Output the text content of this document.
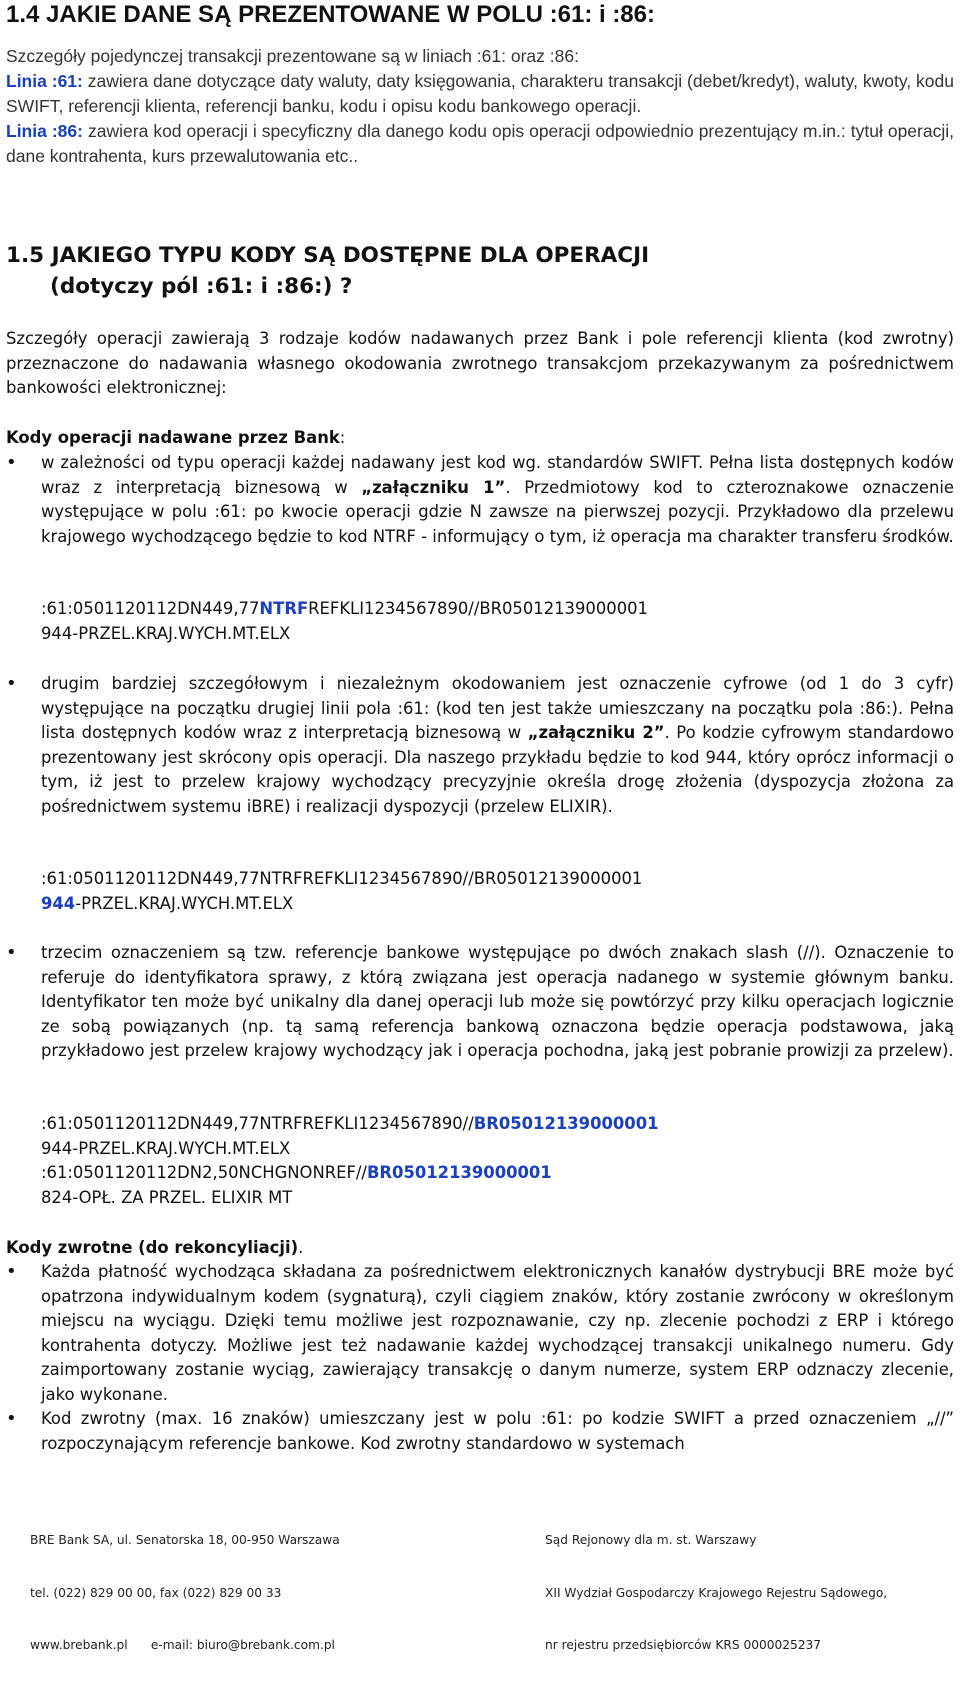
1.4 JAKIE DANE SĄ PREZENTOWANE W POLU :61: i :86:
Szczegóły pojedynczej transakcji prezentowane są w liniach :61: oraz :86:
Linia :61: zawiera dane dotyczące daty waluty, daty księgowania, charakteru transakcji (debet/kredyt), waluty, kwoty, kodu SWIFT, referencji klienta, referencji banku, kodu i opisu kodu bankowego operacji.
Linia :86: zawiera kod operacji i specyficzny dla danego kodu opis operacji odpowiednio prezentujący m.in.: tytuł operacji, dane kontrahenta, kurs przewalutowania etc..
1.5 JAKIEGO TYPU KODY SĄ DOSTĘPNE DLA OPERACJI
(dotyczy pól :61: i :86:) ?
Szczegóły operacji zawierają 3 rodzaje kodów nadawanych przez Bank i pole referencji klienta (kod zwrotny) przeznaczone do nadawania własnego okodowania zwrotnego transakcjom przekazywanym za pośrednictwem bankowości elektronicznej:
Kody operacji nadawane przez Bank:
• w zależności od typu operacji każdej nadawany jest kod wg. standardów SWIFT. Pełna lista dostępnych kodów wraz z interpretacją biznesową w „załączniku 1”. Przedmiotowy kod to czteroznakowe oznaczenie występujące w polu :61: po kwocie operacji gdzie N zawsze na pierwszej pozycji. Przykładowo dla przelewu krajowego wychodzącego będzie to kod NTRF - informujący o tym, iż operacja ma charakter transferu środków.
:61:0501120112DN449,77NTRFREFKLI1234567890//BR05012139000001
944-PRZEL.KRAJ.WYCH.MT.ELX
• drugim bardziej szczegółowym i niezależnym okodowaniem jest oznaczenie cyfrowe (od 1 do 3 cyfr) występujące na początku drugiej linii pola :61: (kod ten jest także umieszczany na początku pola :86:). Pełna lista dostępnych kodów wraz z interpretacją biznesową w „załączniku 2”. Po kodzie cyfrowym standardowo prezentowany jest skrócony opis operacji. Dla naszego przykładu będzie to kod 944, który oprócz informacji o tym, iż jest to przelew krajowy wychodzący precyzyjnie określa drogę złożenia (dyspozycja złożona za pośrednictwem systemu iBRE) i realizacji dyspozycji (przelew ELIXIR).
:61:0501120112DN449,77NTRFREFKLI1234567890//BR05012139000001
944-PRZEL.KRAJ.WYCH.MT.ELX
• trzecim oznaczeniem są tzw. referencje bankowe występujące po dwóch znakach slash (//). Oznaczenie to referuje do identyfikatora sprawy, z którą związana jest operacja nadanego w systemie głównym banku. Identyfikator ten może być unikalny dla danej operacji lub może się powtórzyć przy kilku operacjach logicznie ze sobą powiązanych (np. tą samą referencja bankową oznaczona będzie operacja podstawowa, jaką przykładowo jest przelew krajowy wychodzący jak i operacja pochodna, jaką jest pobranie prowizji za przelew).
:61:0501120112DN449,77NTRFREFKLI1234567890//BR05012139000001
944-PRZEL.KRAJ.WYCH.MT.ELX
:61:0501120112DN2,50NCHGNONREF//BR05012139000001
824-OPŁ. ZA PRZEL. ELIXIR MT
Kody zwrotne (do rekoncyliacji).
• Każda płatność wychodząca składana za pośrednictwem elektronicznych kanałów dystrybucji BRE może być opatrzona indywidualnym kodem (sygnaturą), czyli ciągiem znaków, który zostanie zwrócony w określonym miejscu na wyciągu. Dzięki temu możliwe jest rozpoznawanie, czy np. zlecenie pochodzi z ERP i którego kontrahenta dotyczy. Możliwe jest też nadawanie każdej wychodzącej transakcji unikalnego numeru. Gdy zaimportowany zostanie wyciąg, zawierający transakcję o danym numerze, system ERP odznaczy zlecenie, jako wykonane.
• Kod zwrotny (max. 16 znaków) umieszczany jest w polu :61: po kodzie SWIFT a przed oznaczeniem „//” rozpoczynającym referencje bankowe. Kod zwrotny standardowo w systemach

BRE Bank SA, ul. Senatorska 18, 00-950 Warszawa

tel. (022) 829 00 00, fax (022) 829 00 33

www.brebank.pl      e-mail: biuro@brebank.com.pl

Sąd Rejonowy dla m. st. Warszawy

XII Wydział Gospodarczy Krajowego Rejestru Sądowego,

nr rejestru przedsiębiorców KRS 0000025237
